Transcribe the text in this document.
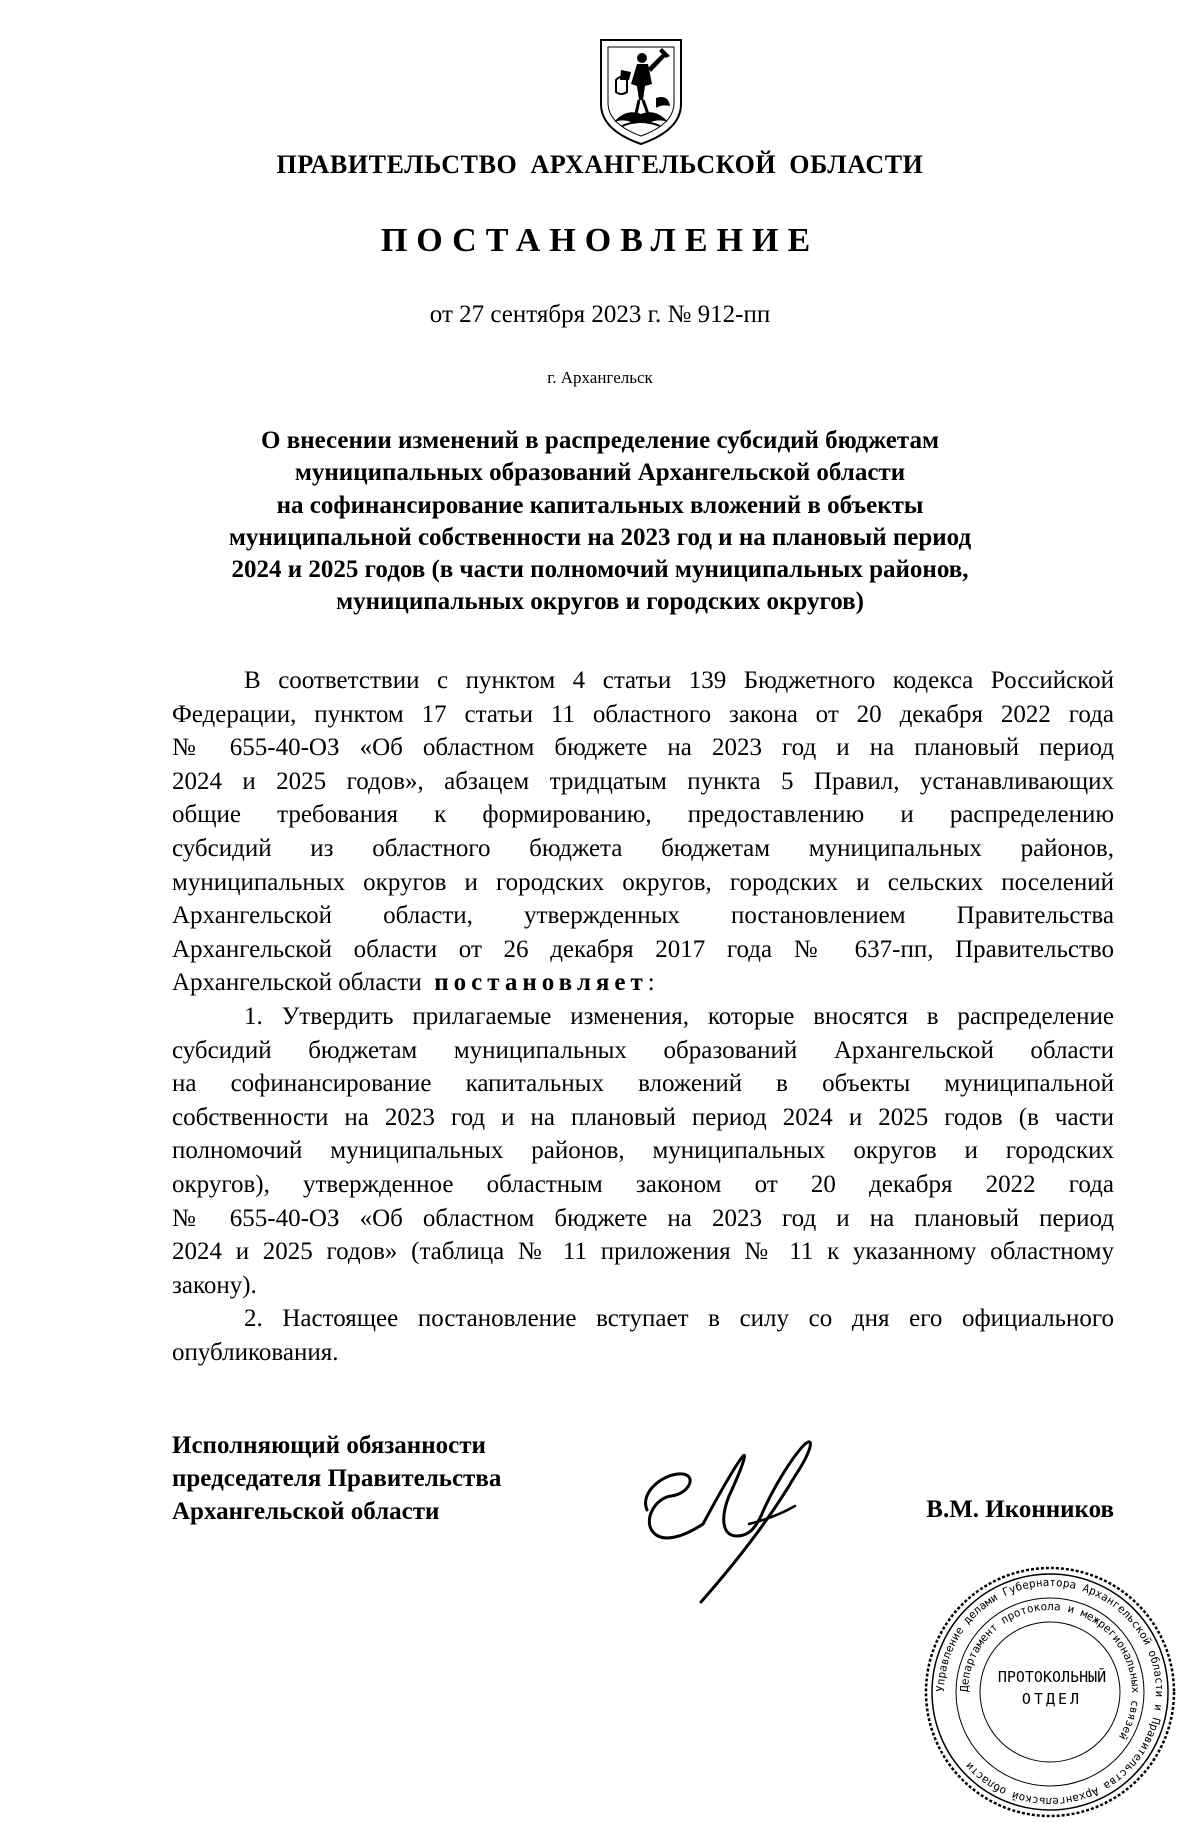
ПРАВИТЕЛЬСТВО АРХАНГЕЛЬСКОЙ ОБЛАСТИ
ПОСТАНОВЛЕНИЕ
от 27 сентября 2023 г. № 912-пп
г. Архангельск
О внесении изменений в распределение субсидий бюджетам
муниципальных образований Архангельской области
на софинансирование капитальных вложений в объекты
муниципальной собственности на 2023 год и на плановый период
2024 и 2025 годов (в части полномочий муниципальных районов,
муниципальных округов и городских округов)
В соответствии с пунктом 4 статьи 139 Бюджетного кодекса Российской
Федерации, пунктом 17 статьи 11 областного закона от 20 декабря 2022 года
№ 655-40-ОЗ «Об областном бюджете на 2023 год и на плановый период
2024 и 2025 годов», абзацем тридцатым пункта 5 Правил, устанавливающих
общие требования к формированию, предоставлению и распределению
субсидий из областного бюджета бюджетам муниципальных районов,
муниципальных округов и городских округов, городских и сельских поселений
Архангельской области, утвержденных постановлением Правительства
Архангельской области от 26 декабря 2017 года № 637-пп, Правительство
Архангельской области  постановляет:
1. Утвердить прилагаемые изменения, которые вносятся в распределение
субсидий бюджетам муниципальных образований Архангельской области
на софинансирование капитальных вложений в объекты муниципальной
собственности на 2023 год и на плановый период 2024 и 2025 годов (в части
полномочий муниципальных районов, муниципальных округов и городских
округов), утвержденное областным законом от 20 декабря 2022 года
№ 655-40-ОЗ «Об областном бюджете на 2023 год и на плановый период
2024 и 2025 годов» (таблица № 11 приложения № 11 к указанному областному
закону).
2. Настоящее постановление вступает в силу со дня его официального
опубликования.
Исполняющий обязанности
председателя Правительства
Архангельской области	В.М. Иконников
Управление делами Губернатора Архангельской области и Правительства Архангельской области
Департамент протокола и межрегиональных связей
ПРОТОКОЛЬНЫЙ
ОТДЕЛ
